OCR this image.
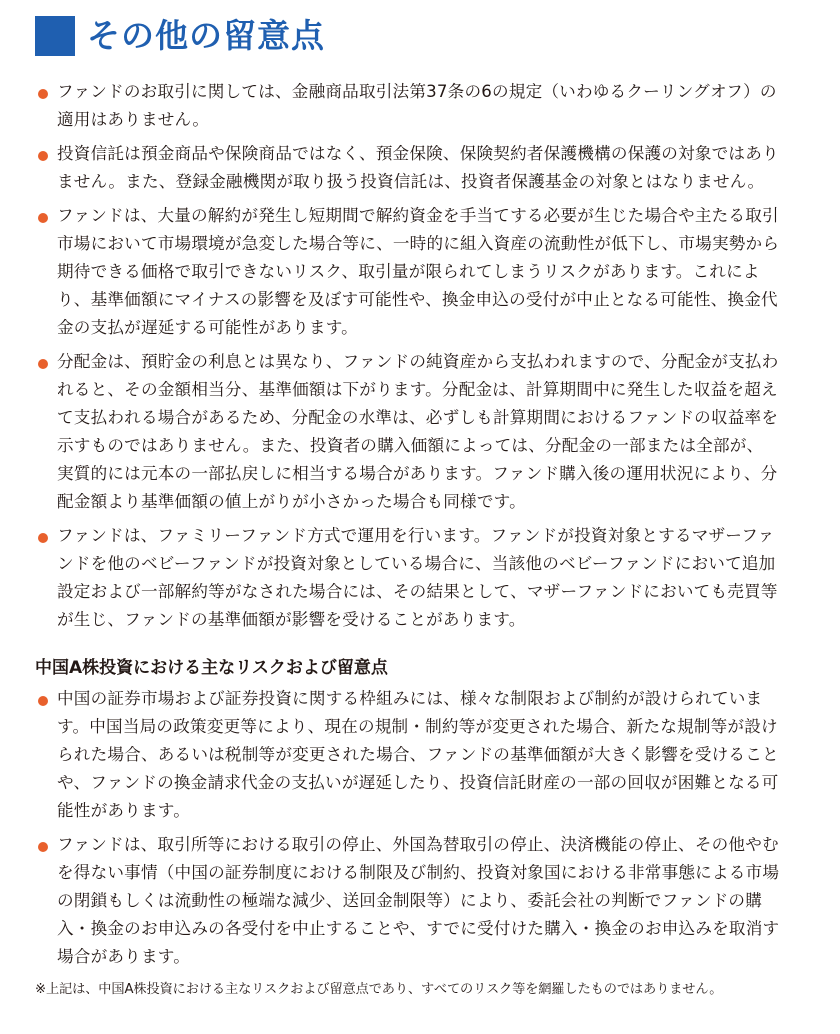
その他の留意点
ファンドのお取引に関しては、金融商品取引法第37条の6の規定（いわゆるクーリングオフ）の適用はありません。
投資信託は預金商品や保険商品ではなく、預金保険、保険契約者保護機構の保護の対象ではありません。また、登録金融機関が取り扱う投資信託は、投資者保護基金の対象とはなりません。
ファンドは、大量の解約が発生し短期間で解約資金を手当てする必要が生じた場合や主たる取引市場において市場環境が急変した場合等に、一時的に組入資産の流動性が低下し、市場実勢から期待できる価格で取引できないリスク、取引量が限られてしまうリスクがあります。これにより、基準価額にマイナスの影響を及ぼす可能性や、換金申込の受付が中止となる可能性、換金代金の支払が遅延する可能性があります。
分配金は、預貯金の利息とは異なり、ファンドの純資産から支払われますので、分配金が支払われると、その金額相当分、基準価額は下がります。分配金は、計算期間中に発生した収益を超えて支払われる場合があるため、分配金の水準は、必ずしも計算期間におけるファンドの収益率を示すものではありません。また、投資者の購入価額によっては、分配金の一部または全部が、実質的には元本の一部払戻しに相当する場合があります。ファンド購入後の運用状況により、分配金額より基準価額の値上がりが小さかった場合も同様です。
ファンドは、ファミリーファンド方式で運用を行います。ファンドが投資対象とするマザーファンドを他のベビーファンドが投資対象としている場合に、当該他のベビーファンドにおいて追加設定および一部解約等がなされた場合には、その結果として、マザーファンドにおいても売買等が生じ、ファンドの基準価額が影響を受けることがあります。
中国A株投資における主なリスクおよび留意点
中国の証券市場および証券投資に関する枠組みには、様々な制限および制約が設けられています。中国当局の政策変更等により、現在の規制・制約等が変更された場合、新たな規制等が設けられた場合、あるいは税制等が変更された場合、ファンドの基準価額が大きく影響を受けることや、ファンドの換金請求代金の支払いが遅延したり、投資信託財産の一部の回収が困難となる可能性があります。
ファンドは、取引所等における取引の停止、外国為替取引の停止、決済機能の停止、その他やむを得ない事情（中国の証券制度における制限及び制約、投資対象国における非常事態による市場の閉鎖もしくは流動性の極端な減少、送回金制限等）により、委託会社の判断でファンドの購入・換金のお申込みの各受付を中止することや、すでに受付けた購入・換金のお申込みを取消す場合があります。
※上記は、中国A株投資における主なリスクおよび留意点であり、すべてのリスク等を網羅したものではありません。
